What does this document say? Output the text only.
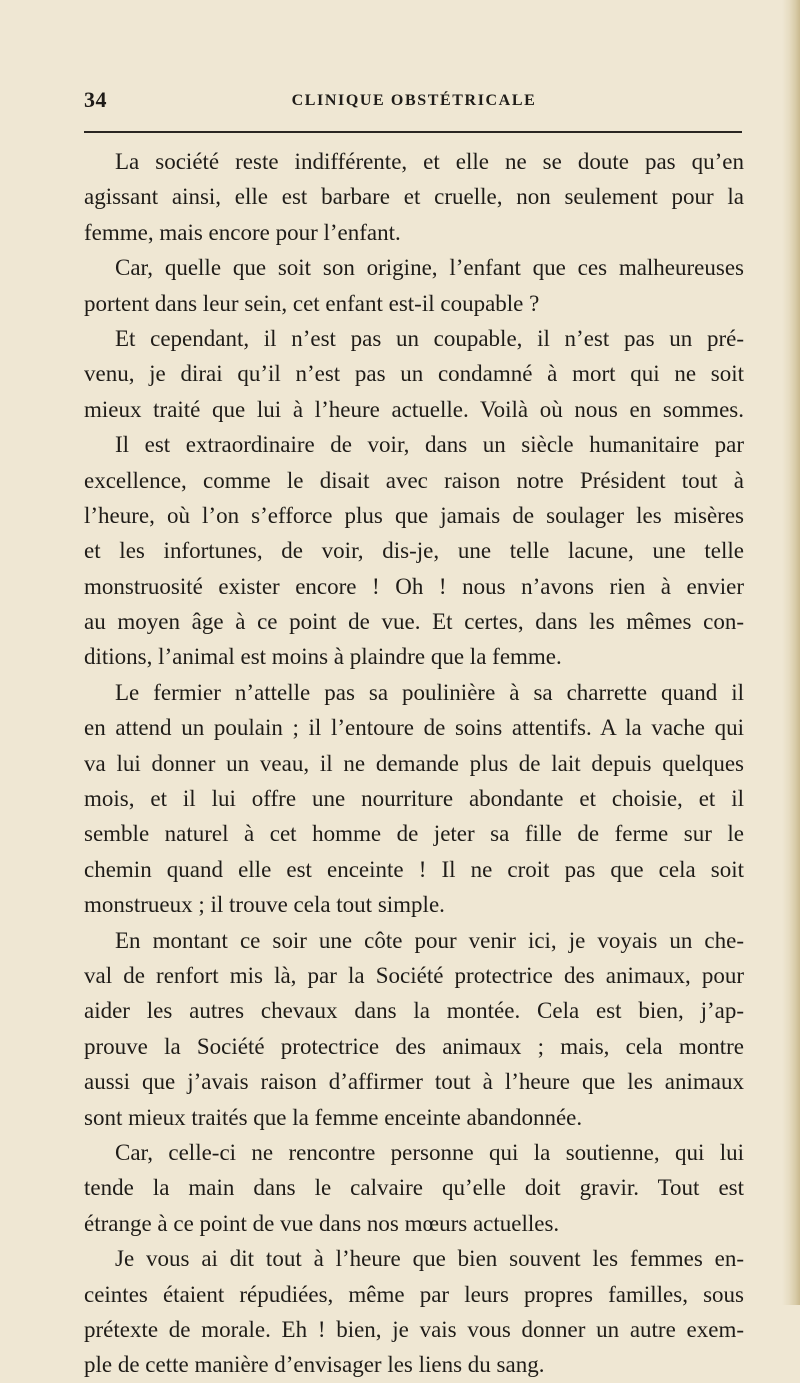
34	CLINIQUE OBSTÉTRICALE
La société reste indifférente, et elle ne se doute pas qu’en
agissant ainsi, elle est barbare et cruelle, non seulement pour la
femme, mais encore pour l’enfant.
Car, quelle que soit son origine, l’enfant que ces malheureuses
portent dans leur sein, cet enfant est-il coupable ?
Et cependant, il n’est pas un coupable, il n’est pas un pré-
venu, je dirai qu’il n’est pas un condamné à mort qui ne soit
mieux traité que lui à l’heure actuelle. Voilà où nous en sommes.
Il est extraordinaire de voir, dans un siècle humanitaire par
excellence, comme le disait avec raison notre Président tout à
l’heure, où l’on s’efforce plus que jamais de soulager les misères
et les infortunes, de voir, dis-je, une telle lacune, une telle
monstruosité exister encore ! Oh ! nous n’avons rien à envier
au moyen âge à ce point de vue. Et certes, dans les mêmes con-
ditions, l’animal est moins à plaindre que la femme.
Le fermier n’attelle pas sa poulinière à sa charrette quand il
en attend un poulain ; il l’entoure de soins attentifs. A la vache qui
va lui donner un veau, il ne demande plus de lait depuis quelques
mois, et il lui offre une nourriture abondante et choisie, et il
semble naturel à cet homme de jeter sa fille de ferme sur le
chemin quand elle est enceinte ! Il ne croit pas que cela soit
monstrueux ; il trouve cela tout simple.
En montant ce soir une côte pour venir ici, je voyais un che-
val de renfort mis là, par la Société protectrice des animaux, pour
aider les autres chevaux dans la montée. Cela est bien, j’ap-
prouve la Société protectrice des animaux ; mais, cela montre
aussi que j’avais raison d’affirmer tout à l’heure que les animaux
sont mieux traités que la femme enceinte abandonnée.
Car, celle-ci ne rencontre personne qui la soutienne, qui lui
tende la main dans le calvaire qu’elle doit gravir. Tout est
étrange à ce point de vue dans nos mœurs actuelles.
Je vous ai dit tout à l’heure que bien souvent les femmes en-
ceintes étaient répudiées, même par leurs propres familles, sous
prétexte de morale. Eh ! bien, je vais vous donner un autre exem-
ple de cette manière d’envisager les liens du sang.
